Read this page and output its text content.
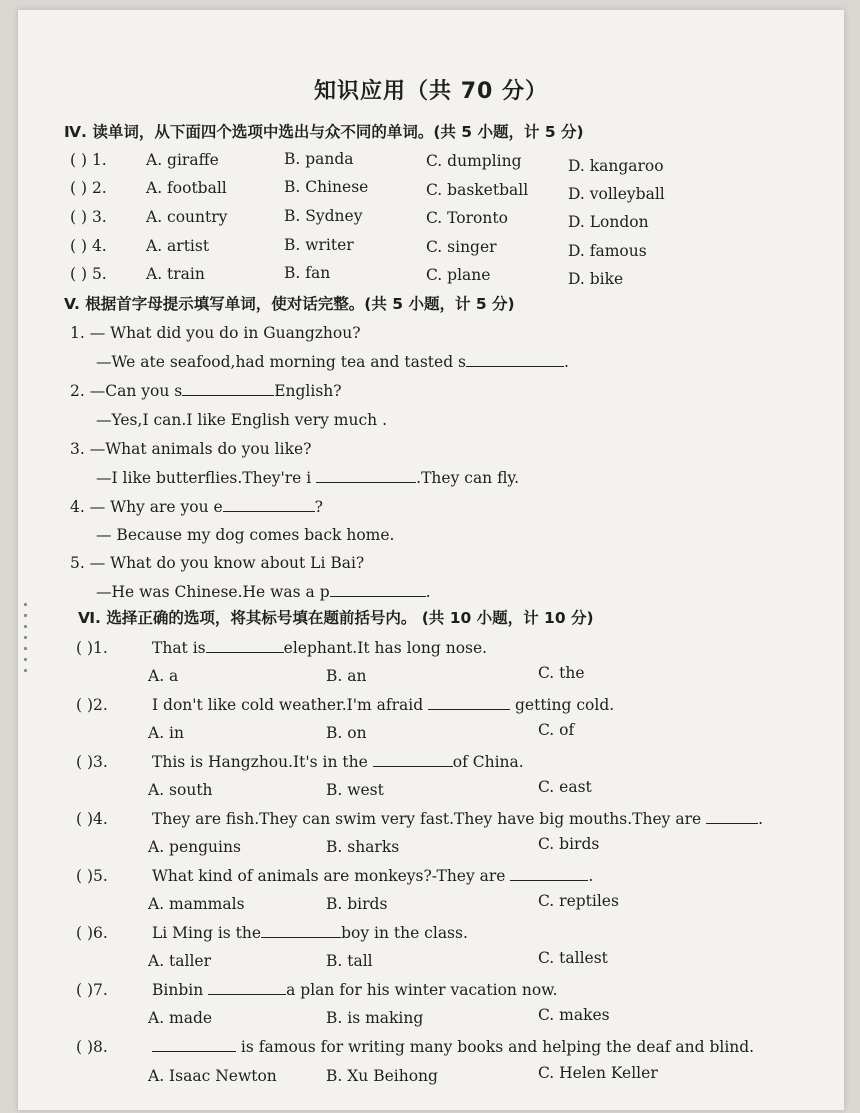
知识应用（共 70 分）
Ⅳ. 读单词，从下面四个选项中选出与众不同的单词。(共 5 小题，计 5 分)
( ) 1.	A. giraffe	B. panda	C. dumpling	D. kangaroo
( ) 2.	A. football	B. Chinese	C. basketball	D. volleyball
( ) 3.	A. country	B. Sydney	C. Toronto	D. London
( ) 4.	A. artist	B. writer	C. singer	D. famous
( ) 5.	A. train	B. fan	C. plane	D. bike
V. 根据首字母提示填写单词，使对话完整。(共 5 小题，计 5 分)
1. — What did you do in Guangzhou?
—We ate seafood,had morning tea and tasted s	.
2. —Can you s	English?
—Yes,I can.I like English very much .
3. —What animals do you like?
—I like butterflies.They're i	.They can fly.
4. — Why are you e	?
— Because my dog comes back home.
5. — What do you know about Li Bai?
—He was Chinese.He was a p	.
Ⅵ. 选择正确的选项，将其标号填在题前括号内。 (共 10 小题，计 10 分)
( )1.	That is	elephant.It has long nose.
A. a	B. an	C. the
( )2.	I don't like cold weather.I'm afraid	getting cold.
A. in	B. on	C. of
( )3.	This is Hangzhou.It's in the	of China.
A. south	B. west	C. east
( )4.	They are fish.They can swim very fast.They have big mouths.They are	.
A. penguins	B. sharks	C. birds
( )5.	What kind of animals are monkeys?-They are	.
A. mammals	B. birds	C. reptiles
( )6.	Li Ming is the	boy in the class.
A. taller	B. tall	C. tallest
( )7.	Binbin	a plan for his winter vacation now.
A. made	B. is making	C. makes
( )8.	is famous for writing many books and helping the deaf and blind.
A. Isaac Newton	B. Xu Beihong	C. Helen Keller
